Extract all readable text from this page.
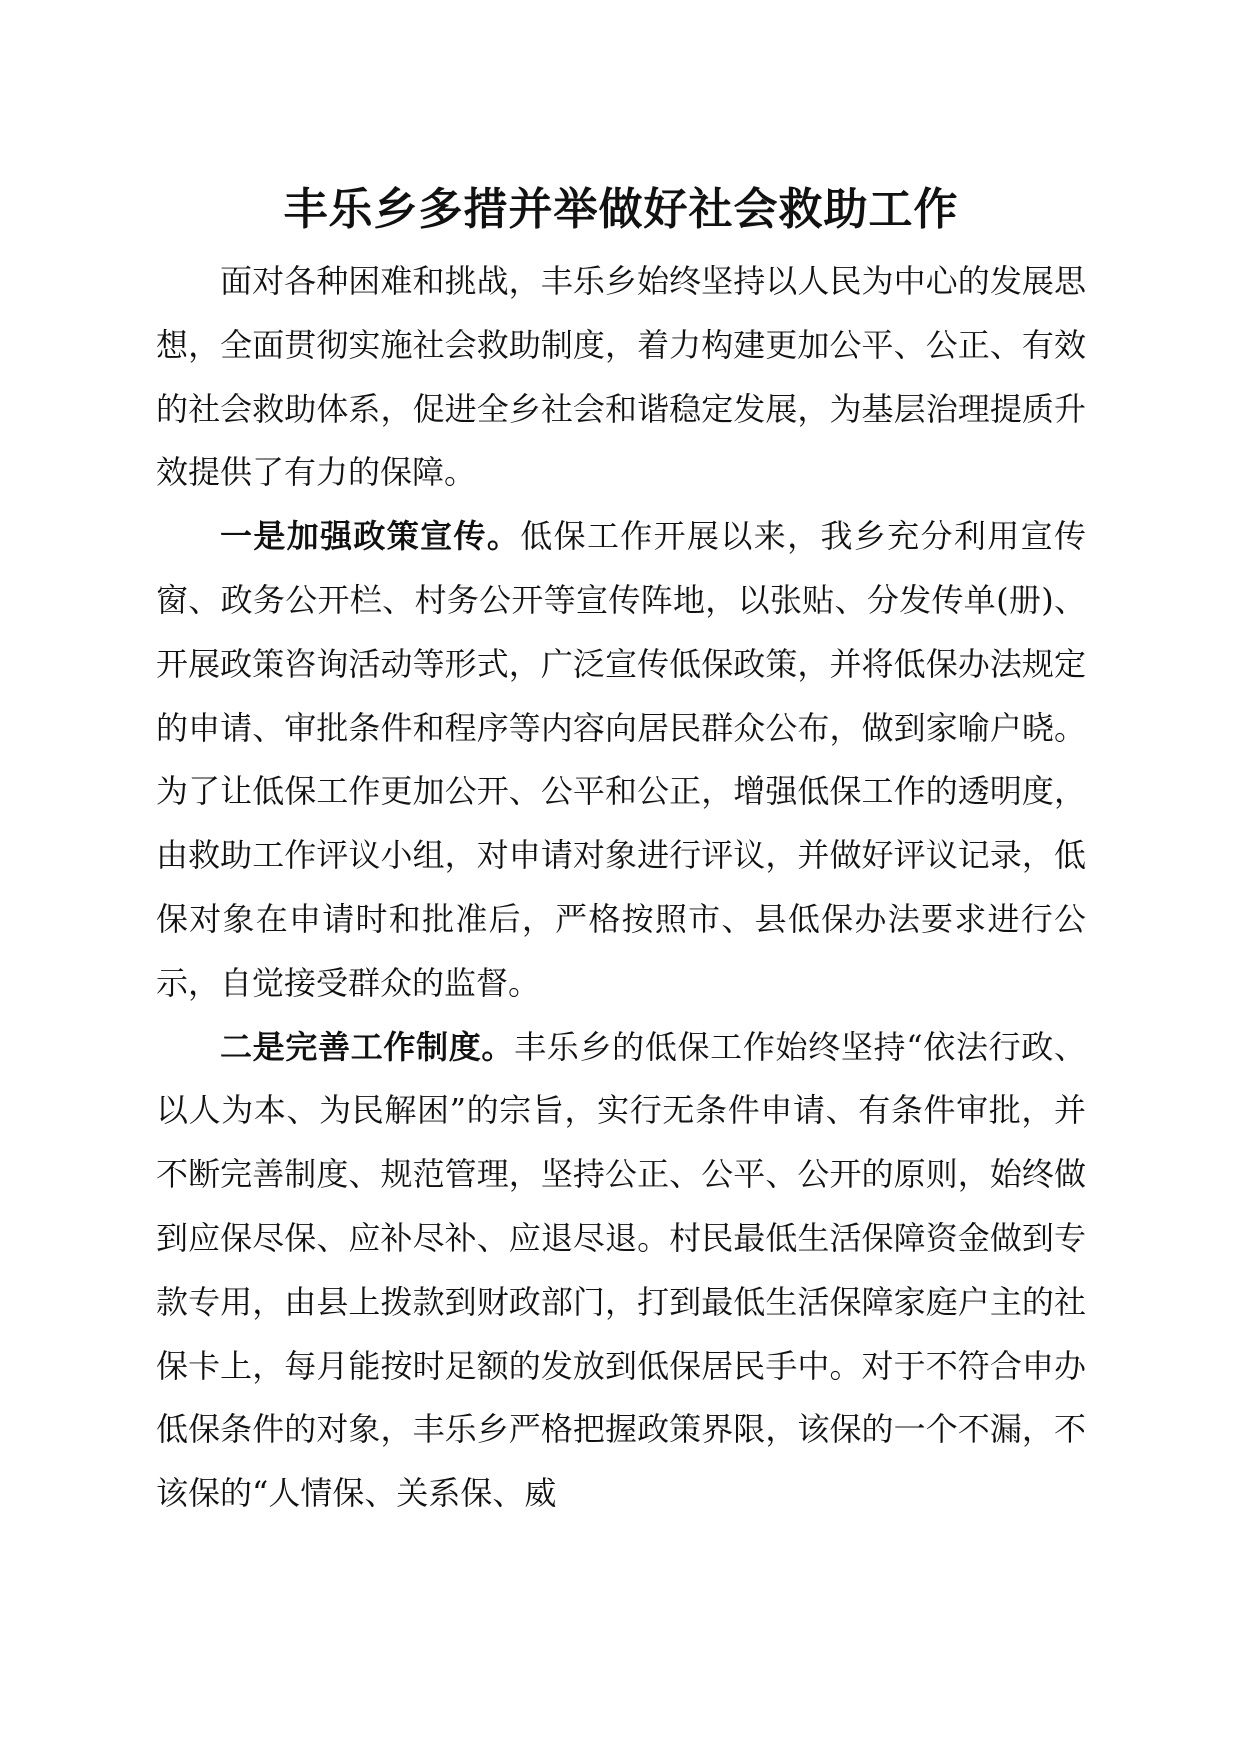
丰乐乡多措并举做好社会救助工作

面对各种困难和挑战，丰乐乡始终坚持以人民为中心的发展思想，全面贯彻实施社会救助制度，着力构建更加公平、公正、有效的社会救助体系，促进全乡社会和谐稳定发展，为基层治理提质升效提供了有力的保障。

一是加强政策宣传。低保工作开展以来，我乡充分利用宣传窗、政务公开栏、村务公开等宣传阵地，以张贴、分发传单(册)、开展政策咨询活动等形式，广泛宣传低保政策，并将低保办法规定的申请、审批条件和程序等内容向居民群众公布，做到家喻户晓。为了让低保工作更加公开、公平和公正，增强低保工作的透明度，由救助工作评议小组，对申请对象进行评议，并做好评议记录，低保对象在申请时和批准后，严格按照市、县低保办法要求进行公示，自觉接受群众的监督。

二是完善工作制度。丰乐乡的低保工作始终坚持“依法行政、以人为本、为民解困”的宗旨，实行无条件申请、有条件审批，并不断完善制度、规范管理，坚持公正、公平、公开的原则，始终做到应保尽保、应补尽补、应退尽退。村民最低生活保障资金做到专款专用，由县上拨款到财政部门，打到最低生活保障家庭户主的社保卡上，每月能按时足额的发放到低保居民手中。对于不符合申办低保条件的对象，丰乐乡严格把握政策界限，该保的一个不漏，不该保的“人情保、关系保、威
